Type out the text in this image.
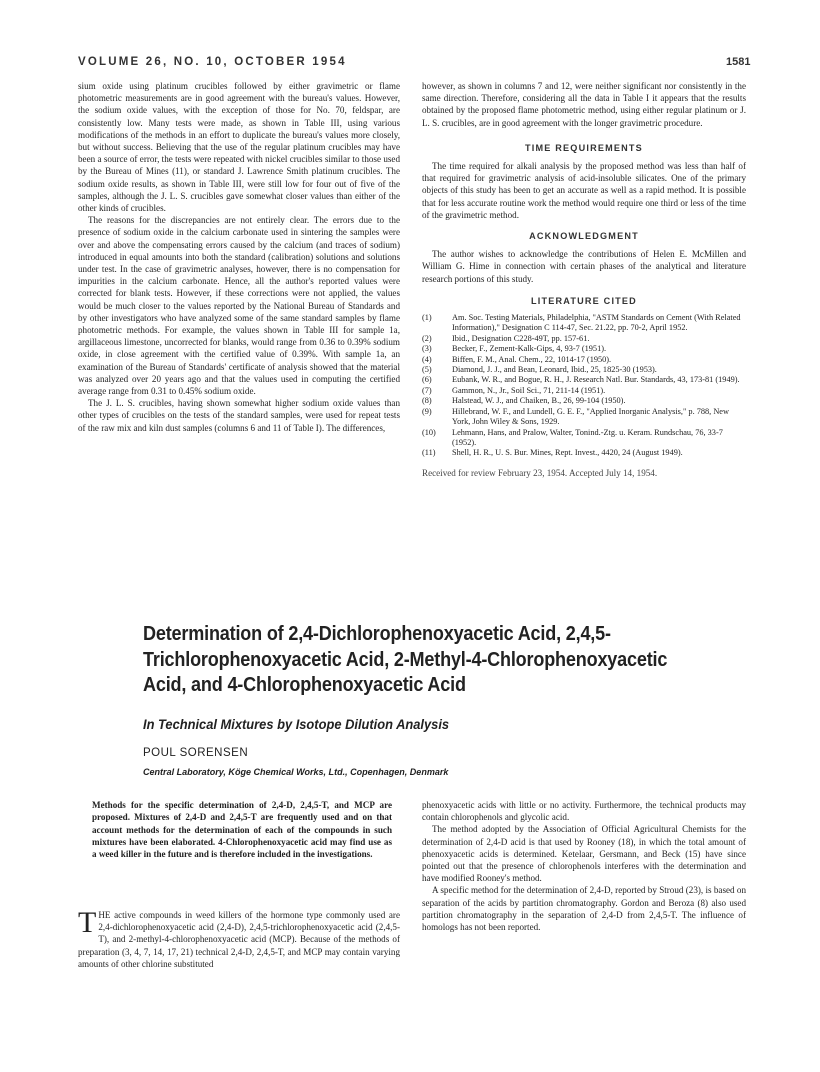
VOLUME 26, NO. 10, OCTOBER 1954	1581

sium oxide using platinum crucibles followed by either gravimetric or flame photometric measurements are in good agreement with the bureau's values. However, the sodium oxide values, with the exception of those for No. 70, feldspar, are consistently low. Many tests were made, as shown in Table III, using various modifications of the methods in an effort to duplicate the bureau's values more closely, but without success. Believing that the use of the regular platinum crucibles may have been a source of error, the tests were repeated with nickel crucibles similar to those used by the Bureau of Mines (11), or standard J. Lawrence Smith platinum crucibles. The sodium oxide results, as shown in Table III, were still low for four out of five of the samples, although the J. L. S. crucibles gave somewhat closer values than either of the other kinds of crucibles.

The reasons for the discrepancies are not entirely clear. The errors due to the presence of sodium oxide in the calcium carbonate used in sintering the samples were over and above the compensating errors caused by the calcium (and traces of sodium) introduced in equal amounts into both the standard (calibration) solutions and solutions under test. In the case of gravimetric analyses, however, there is no compensation for impurities in the calcium carbonate. Hence, all the author's reported values were corrected for blank tests. However, if these corrections were not applied, the values would be much closer to the values reported by the National Bureau of Standards and by other investigators who have analyzed some of the same standard samples by flame photometric methods. For example, the values shown in Table III for sample 1a, argillaceous limestone, uncorrected for blanks, would range from 0.36 to 0.39% sodium oxide, in close agreement with the certified value of 0.39%. With sample 1a, an examination of the Bureau of Standards' certificate of analysis showed that the material was analyzed over 20 years ago and that the values used in computing the certified average range from 0.31 to 0.45% sodium oxide.

The J. L. S. crucibles, having shown somewhat higher sodium oxide values than other types of crucibles on the tests of the standard samples, were used for repeat tests of the raw mix and kiln dust samples (columns 6 and 11 of Table I). The differences,

however, as shown in columns 7 and 12, were neither significant nor consistently in the same direction. Therefore, considering all the data in Table I it appears that the results obtained by the proposed flame photometric method, using either regular platinum or J. L. S. crucibles, are in good agreement with the longer gravimetric procedure.

TIME REQUIREMENTS

The time required for alkali analysis by the proposed method was less than half of that required for gravimetric analysis of acid-insoluble silicates. One of the primary objects of this study has been to get an accurate as well as a rapid method. It is possible that for less accurate routine work the method would require one third or less of the time of the gravimetric method.

ACKNOWLEDGMENT

The author wishes to acknowledge the contributions of Helen E. McMillen and William G. Hime in connection with certain phases of the analytical and literature research portions of this study.

LITERATURE CITED

(1)	Am. Soc. Testing Materials, Philadelphia, "ASTM Standards on Cement (With Related Information)," Designation C 114-47, Sec. 21.22, pp. 70-2, April 1952.
(2)	Ibid., Designation C228-49T, pp. 157-61.
(3)	Becker, F., Zement-Kalk-Gips, 4, 93-7 (1951).
(4)	Biffen, F. M., Anal. Chem., 22, 1014-17 (1950).
(5)	Diamond, J. J., and Bean, Leonard, Ibid., 25, 1825-30 (1953).
(6)	Eubank, W. R., and Bogue, R. H., J. Research Natl. Bur. Standards, 43, 173-81 (1949).
(7)	Gammon, N., Jr., Soil Sci., 71, 211-14 (1951).
(8)	Halstead, W. J., and Chaiken, B., 26, 99-104 (1950).
(9)	Hillebrand, W. F., and Lundell, G. E. F., "Applied Inorganic Analysis," p. 788, New York, John Wiley & Sons, 1929.
(10)	Lehmann, Hans, and Pralow, Walter, Tonind.-Ztg. u. Keram. Rundschau, 76, 33-7 (1952).
(11)	Shell, H. R., U. S. Bur. Mines, Rept. Invest., 4420, 24 (August 1949).

Received for review February 23, 1954. Accepted July 14, 1954.

Determination of 2,4-Dichlorophenoxyacetic Acid, 2,4,5-Trichlorophenoxyacetic Acid, 2-Methyl-4-Chlorophenoxyacetic Acid, and 4-Chlorophenoxyacetic Acid
In Technical Mixtures by Isotope Dilution Analysis
POUL SORENSEN
Central Laboratory, Köge Chemical Works, Ltd., Copenhagen, Denmark

Methods for the specific determination of 2,4-D, 2,4,5-T, and MCP are proposed. Mixtures of 2,4-D and 2,4,5-T are frequently used and on that account methods for the determination of each of the compounds in such mixtures have been elaborated. 4-Chlorophenoxyacetic acid may find use as a weed killer in the future and is therefore included in the investigations.

THE active compounds in weed killers of the hormone type commonly used are 2,4-dichlorophenoxyacetic acid (2,4-D), 2,4,5-trichlorophenoxyacetic acid (2,4,5-T), and 2-methyl-4-chlorophenoxyacetic acid (MCP). Because of the methods of preparation (3, 4, 7, 14, 17, 21) technical 2,4-D, 2,4,5-T, and MCP may contain varying amounts of other chlorine substituted

phenoxyacetic acids with little or no activity. Furthermore, the technical products may contain chlorophenols and glycolic acid.

The method adopted by the Association of Official Agricultural Chemists for the determination of 2,4-D acid is that used by Rooney (18), in which the total amount of phenoxyacetic acids is determined. Ketelaar, Gersmann, and Beck (15) have since pointed out that the presence of chlorophenols interferes with the determination and have modified Rooney's method.

A specific method for the determination of 2,4-D, reported by Stroud (23), is based on separation of the acids by partition chromatography. Gordon and Beroza (8) also used partition chromatography in the separation of 2,4-D from 2,4,5-T. The influence of homologs has not been reported.
